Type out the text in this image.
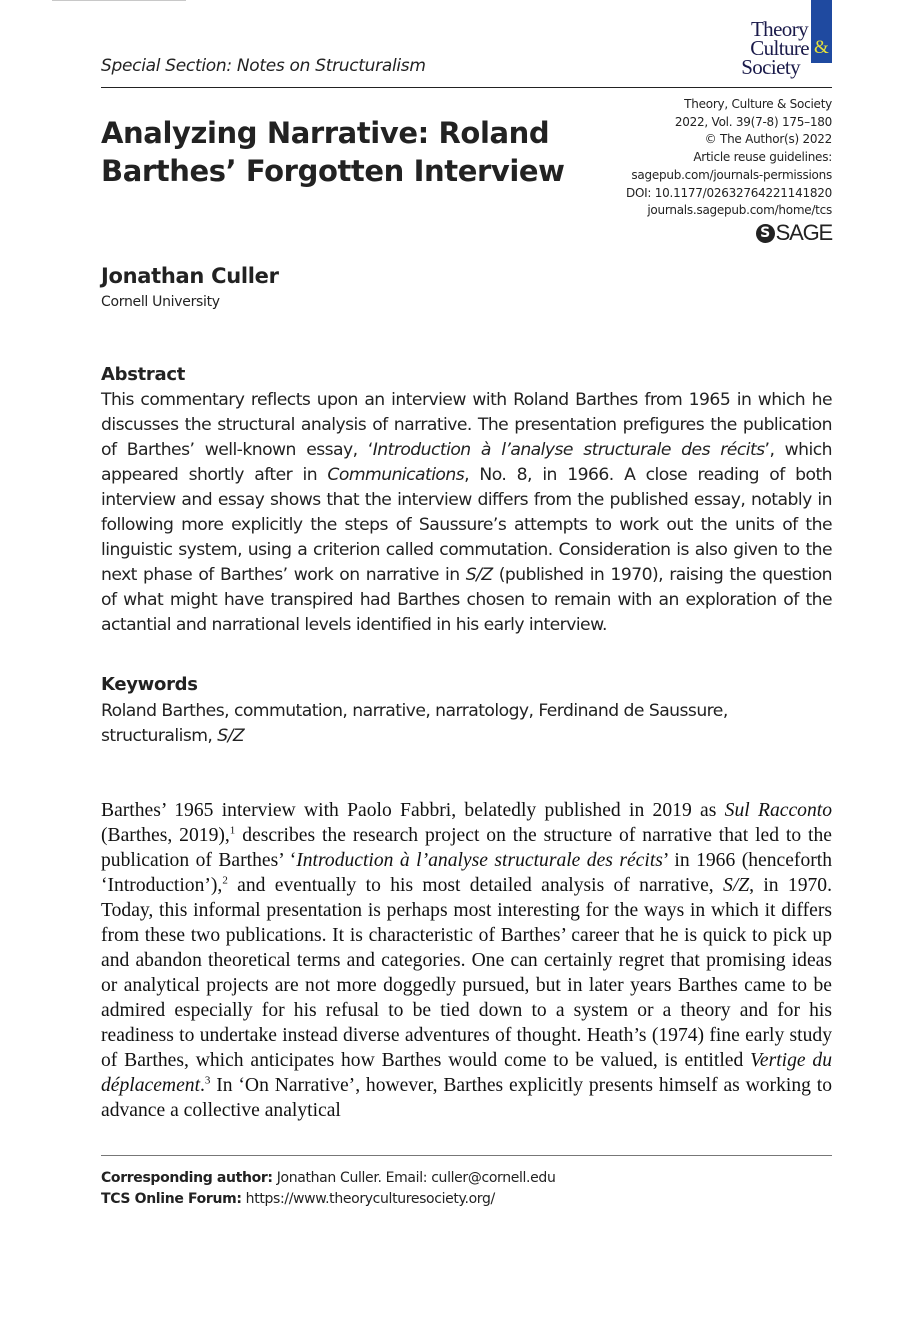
Special Section: Notes on Structuralism
&
Theory
Culture
Society
Analyzing Narrative: Roland Barthes’ Forgotten Interview
Theory, Culture & Society
2022, Vol. 39(7-8) 175–180
© The Author(s) 2022
Article reuse guidelines:
sagepub.com/journals-permissions
DOI: 10.1177/02632764221141820
journals.sagepub.com/home/tcs
S SAGE
Jonathan Culler
Cornell University
Abstract
This commentary reflects upon an interview with Roland Barthes from 1965 in which he discusses the structural analysis of narrative. The presentation prefigures the publication of Barthes’ well-known essay, ‘Introduction à l’analyse structurale des récits’, which appeared shortly after in Communications, No. 8, in 1966. A close reading of both interview and essay shows that the interview differs from the published essay, notably in following more explicitly the steps of Saussure’s attempts to work out the units of the linguistic system, using a criterion called commutation. Consideration is also given to the next phase of Barthes’ work on narrative in S/Z (published in 1970), raising the question of what might have transpired had Barthes chosen to remain with an exploration of the actantial and narrational levels identified in his early interview.
Keywords
Roland Barthes, commutation, narrative, narratology, Ferdinand de Saussure, structuralism, S/Z
Barthes’ 1965 interview with Paolo Fabbri, belatedly published in 2019 as Sul Racconto (Barthes, 2019),$^1$ describes the research project on the structure of narrative that led to the publication of Barthes’ ‘Introduction à l’analyse structurale des récits’ in 1966 (henceforth ‘Introduction’),$^2$ and eventually to his most detailed analysis of narrative, S/Z, in 1970. Today, this informal presentation is perhaps most interesting for the ways in which it differs from these two publications. It is characteristic of Barthes’ career that he is quick to pick up and abandon theoretical terms and categories. One can certainly regret that promising ideas or analytical projects are not more doggedly pursued, but in later years Barthes came to be admired especially for his refusal to be tied down to a system or a theory and for his readiness to undertake instead diverse adventures of thought. Heath’s (1974) fine early study of Barthes, which anticipates how Barthes would come to be valued, is entitled Vertige du déplacement.$^3$ In ‘On Narrative’, however, Barthes explicitly presents himself as working to advance a collective analytical
Corresponding author: Jonathan Culler. Email: culler@cornell.edu
TCS Online Forum: https://www.theoryculturesociety.org/
